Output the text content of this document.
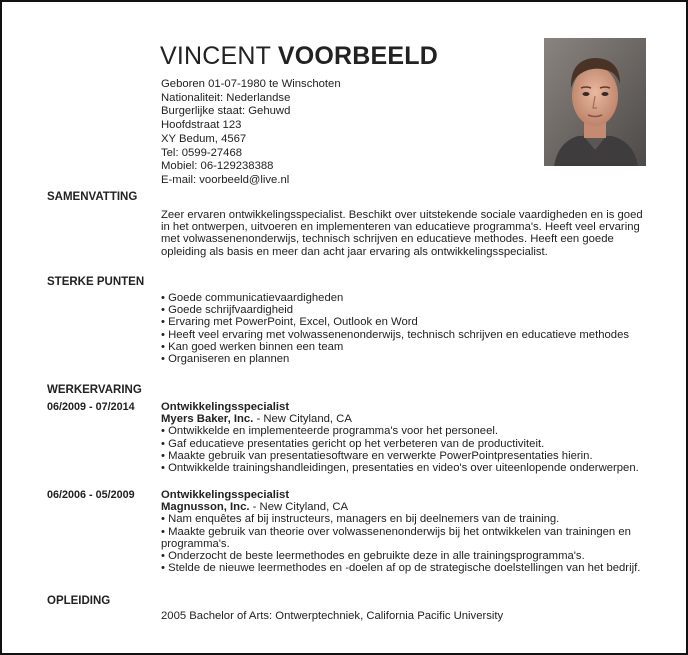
VINCENT VOORBEELD
Geboren 01-07-1980 te Winschoten
Nationaliteit: Nederlandse
Burgerlijke staat: Gehuwd
Hoofdstraat 123
XY Bedum, 4567
Tel: 0599-27468
Mobiel: 06-129238388
E-mail: voorbeeld@live.nl
SAMENVATTING
Zeer ervaren ontwikkelingsspecialist. Beschikt over uitstekende sociale vaardigheden en is goed in het ontwerpen, uitvoeren en implementeren van educatieve programma's. Heeft veel ervaring met volwassenenonderwijs, technisch schrijven en educatieve methodes. Heeft een goede opleiding als basis en meer dan acht jaar ervaring als ontwikkelingsspecialist.
STERKE PUNTEN
• Goede communicatievaardigheden
• Goede schrijfvaardigheid
• Ervaring met PowerPoint, Excel, Outlook en Word
• Heeft veel ervaring met volwassenenonderwijs, technisch schrijven en educatieve methodes
• Kan goed werken binnen een team
• Organiseren en plannen
WERKERVARING
06/2009 - 07/2014 Ontwikkelingsspecialist
Myers Baker, Inc. - New Cityland, CA
• Ontwikkelde en implementeerde programma's voor het personeel.
• Gaf educatieve presentaties gericht op het verbeteren van de productiviteit.
• Maakte gebruik van presentatiesoftware en verwerkte PowerPointpresentaties hierin.
• Ontwikkelde trainingshandleidingen, presentaties en video's over uiteenlopende onderwerpen.
06/2006 - 05/2009 Ontwikkelingsspecialist
Magnusson, Inc. - New Cityland, CA
• Nam enquêtes af bij instructeurs, managers en bij deelnemers van de training.
• Maakte gebruik van theorie over volwassenenonderwijs bij het ontwikkelen van trainingen en programma's.
• Onderzocht de beste leermethodes en gebruikte deze in alle trainingsprogramma's.
• Stelde de nieuwe leermethodes en -doelen af op de strategische doelstellingen van het bedrijf.
OPLEIDING
2005 Bachelor of Arts: Ontwerptechniek, California Pacific University
